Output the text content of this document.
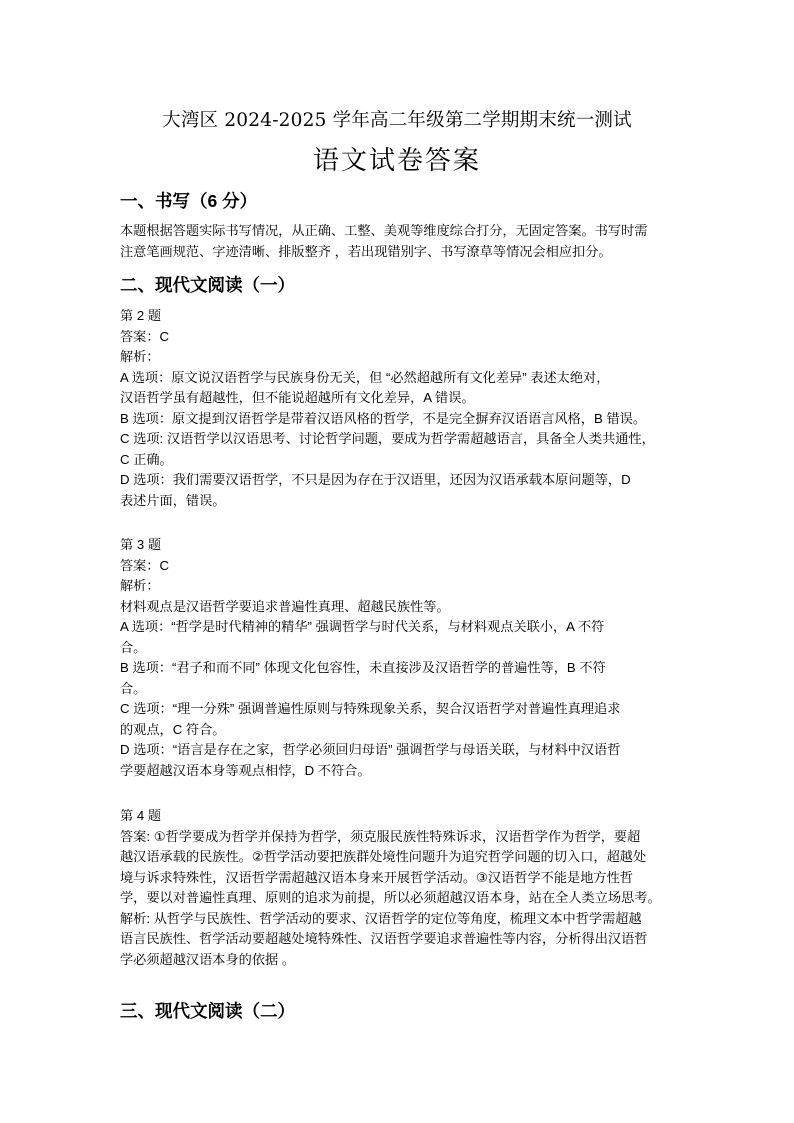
大湾区 2024-2025 学年高二年级第二学期期末统一测试
语文试卷答案
一、书写（6 分）

本题根据答题实际书写情况，从正确、工整、美观等维度综合打分，无固定答案。书写时需

注意笔画规范、字迹清晰、排版整齐 ，若出现错别字、书写潦草等情况会相应扣分。

二、现代文阅读（一）

第 2 题

答案：C

解析：

A 选项：原文说汉语哲学与民族身份无关，但 “必然超越所有文化差异” 表述太绝对，

汉语哲学虽有超越性，但不能说超越所有文化差异，A 错误。

B 选项：原文提到汉语哲学是带着汉语风格的哲学，不是完全摒弃汉语语言风格，B 错误。

C 选项: 汉语哲学以汉语思考、讨论哲学问题，要成为哲学需超越语言，具备全人类共通性，

C 正确。

D 选项：我们需要汉语哲学，不只是因为存在于汉语里，还因为汉语承载本原问题等，D

表述片面，错误。

第 3 题

答案：C

解析：

材料观点是汉语哲学要追求普遍性真理、超越民族性等。

A 选项：“哲学是时代精神的精华” 强调哲学与时代关系，与材料观点关联小，A 不符

合。

B 选项：“君子和而不同” 体现文化包容性，未直接涉及汉语哲学的普遍性等，B 不符

合。

C 选项：“理一分殊” 强调普遍性原则与特殊现象关系，契合汉语哲学对普遍性真理追求

的观点，C 符合。

D 选项：“语言是存在之家，哲学必须回归母语” 强调哲学与母语关联，与材料中汉语哲

学要超越汉语本身等观点相悖，D 不符合。

第 4 题

答案: ①哲学要成为哲学并保持为哲学，须克服民族性特殊诉求，汉语哲学作为哲学，要超

越汉语承载的民族性。②哲学活动要把族群处境性问题升为追究哲学问题的切入口，超越处

境与诉求特殊性，汉语哲学需超越汉语本身来开展哲学活动。③汉语哲学不能是地方性哲

学，要以对普遍性真理、原则的追求为前提，所以必须超越汉语本身，站在全人类立场思考。

解析: 从哲学与民族性、哲学活动的要求、汉语哲学的定位等角度，梳理文本中哲学需超越

语言民族性、哲学活动要超越处境特殊性、汉语哲学要追求普遍性等内容，分析得出汉语哲

学必须超越汉语本身的依据 。

三、现代文阅读（二）
